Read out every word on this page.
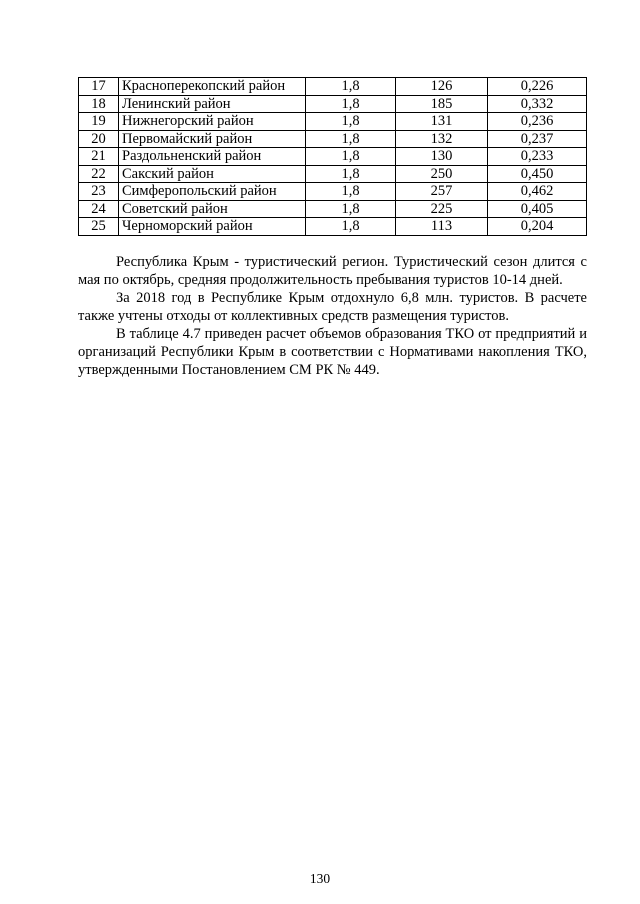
17	Красноперекопский район	1,8	126	0,226
18	Ленинский район	1,8	185	0,332
19	Нижнегорский район	1,8	131	0,236
20	Первомайский район	1,8	132	0,237
21	Раздольненский район	1,8	130	0,233
22	Сакский район	1,8	250	0,450
23	Симферопольский район	1,8	257	0,462
24	Советский район	1,8	225	0,405
25	Черноморский район	1,8	113	0,204

Республика Крым - туристический регион. Туристический сезон длится с мая по октябрь, средняя продолжительность пребывания туристов 10-14 дней.

За 2018 год в Республике Крым отдохнуло 6,8 млн. туристов. В расчете также учтены отходы от коллективных средств размещения туристов.

В таблице 4.7 приведен расчет объемов образования ТКО от предприятий и организаций Республики Крым в соответствии с Нормативами накопления ТКО, утвержденными Постановлением СМ РК № 449.

130
